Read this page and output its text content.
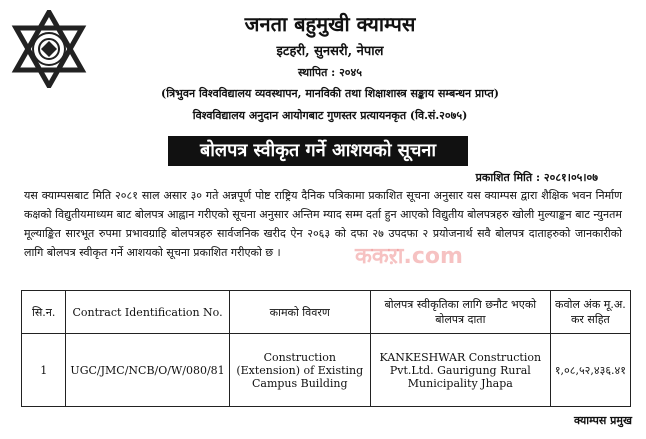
जनता बहुमुखी क्याम्पस
इटहरी, सुनसरी, नेपाल
स्थापित : २०४५
(त्रिभुवन विश्वविद्यालय व्यवस्थापन, मानविकी तथा शिक्षाशास्त्र सङ्काय सम्बन्धन प्राप्त)
विश्वविद्यालय अनुदान आयोगबाट गुणस्तर प्रत्यायनकृत (वि.सं.२०७५)
बोलपत्र स्वीकृत गर्ने आशयको सूचना
प्रकाशित मिति : २०८१।०५।०७
यस क्याम्पसबाट मिति २०८१ साल असार ३० गते अन्नपूर्ण पोष्ट राष्ट्रिय दैनिक पत्रिकामा प्रकाशित सूचना अनुसार यस क्याम्पस द्वारा शैक्षिक भवन निर्माण कक्षको विद्युतीयमाध्यम बाट बोलपत्र आह्वान गरीएको सूचना अनुसार अन्तिम म्याद सम्म दर्ता हुन आएको विद्युतीय बोलपत्रहरु खोली मुल्याङ्कन बाट न्युनतम मूल्याङ्कित सारभूत रुपमा प्रभावग्राहि बोलपत्रहरु सार्वजनिक खरीद ऐन २०६३ को दफा २७ उपदफा २ प्रयोजनार्थ सवै बोलपत्र दाताहरुको जानकारीको लागि बोलपत्र स्वीकृत गर्ने आशयको सूचना प्रकाशित गरीएको छ ।	ककऱा.com
सि.न.	Contract Identification No.	कामको विवरण	बोलपत्र स्वीकृतिका लागि छनौट भएको बोलपत्र दाता	कवोल अंक मू.अ. कर सहित
1	UGC/JMC/NCB/O/W/080/81	Construction (Extension) of Existing Campus Building	KANKESHWAR Construction Pvt.Ltd. Gaurigung Rural Municipality Jhapa	१,०८,५२,४३६.४१
क्याम्पस प्रमुख
